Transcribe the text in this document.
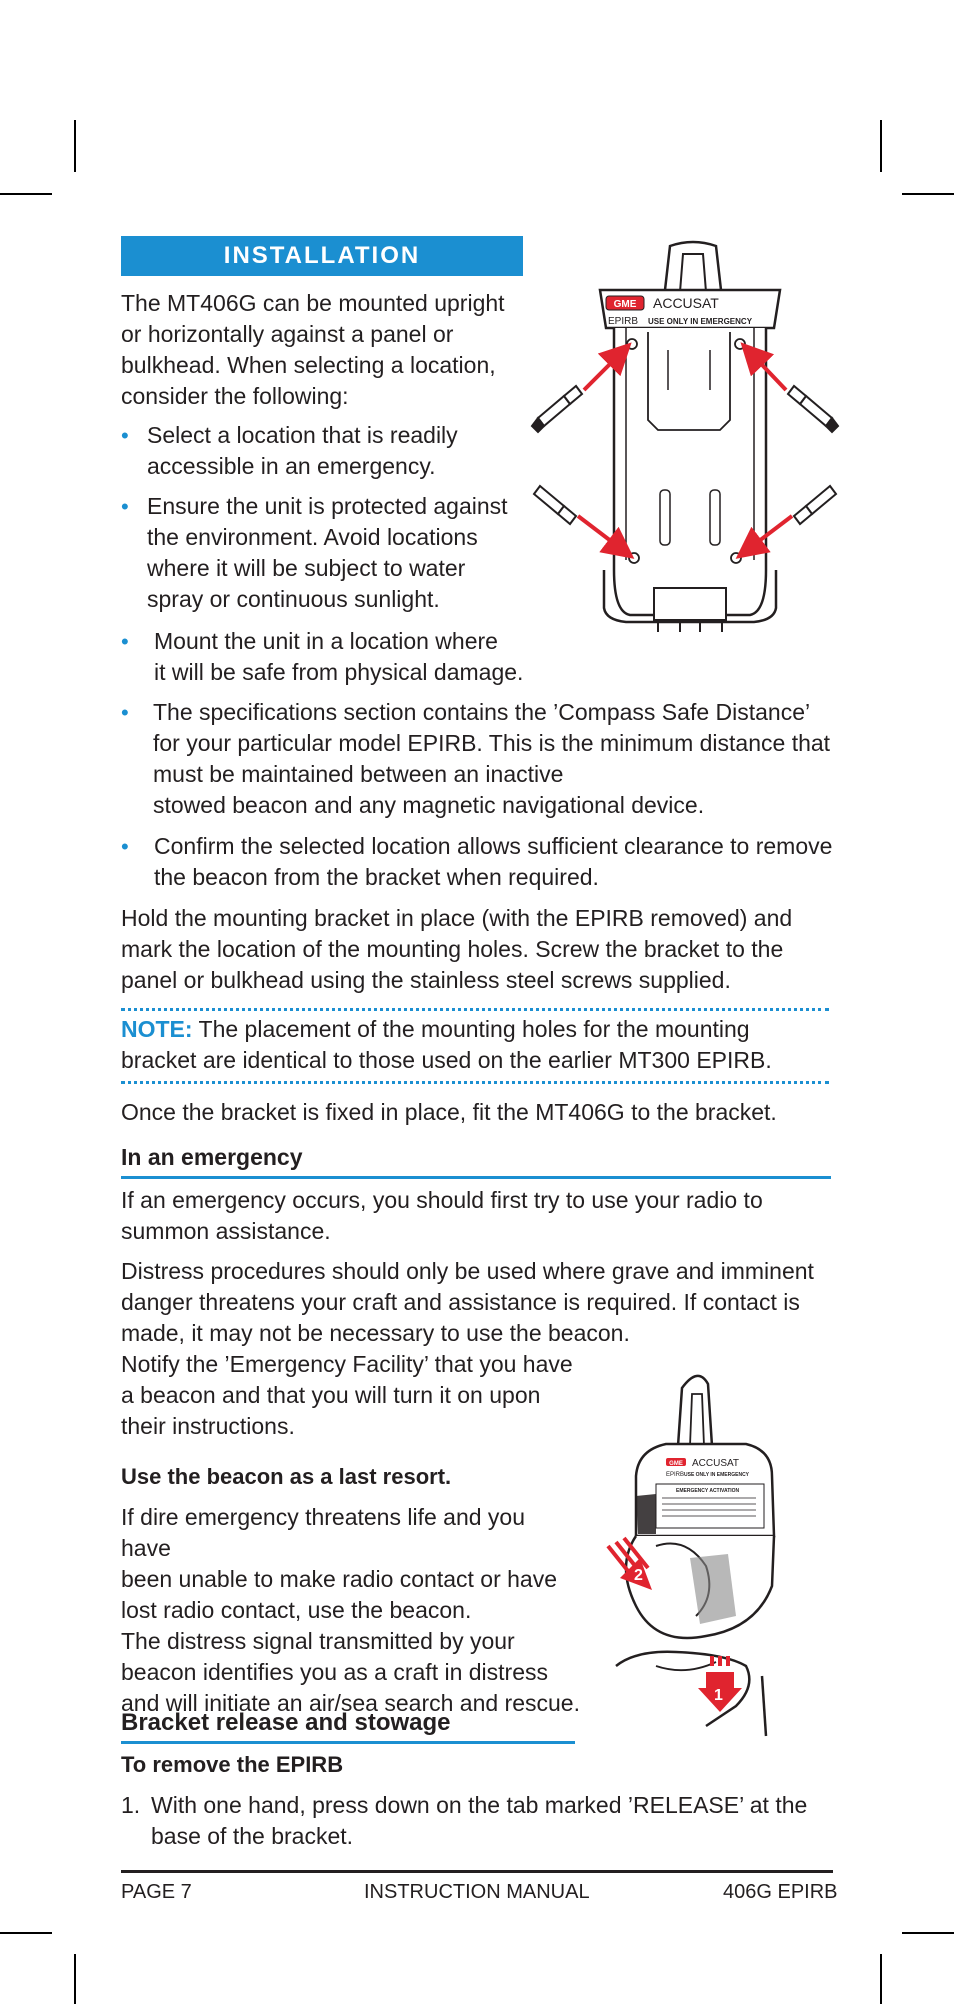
INSTALLATION
The MT406G can be mounted upright
or horizontally against a panel or
bulkhead. When selecting a location,
consider the following:
• Select a location that is readily
accessible in an emergency.
• Ensure the unit is protected against
the environment. Avoid locations
where it will be subject to water
spray or continuous sunlight.
• Mount the unit in a location where
it will be safe from physical damage.
• The specifications section contains the ’Compass Safe Distance’
for your particular model EPIRB. This is the minimum distance that
must be maintained between an inactive
stowed beacon and any magnetic navigational device.
• Confirm the selected location allows sufficient clearance to remove
the beacon from the bracket when required.
Hold the mounting bracket in place (with the EPIRB removed) and
mark the location of the mounting holes. Screw the bracket to the
panel or bulkhead using the stainless steel screws supplied.
NOTE: The placement of the mounting holes for the mounting
bracket are identical to those used on the earlier MT300 EPIRB.
Once the bracket is fixed in place, fit the MT406G to the bracket.
In an emergency
If an emergency occurs, you should first try to use your radio to
summon assistance.
Distress procedures should only be used where grave and imminent
danger threatens your craft and assistance is required. If contact is
made, it may not be necessary to use the beacon.
Notify the ’Emergency Facility’ that you have
a beacon and that you will turn it on upon
their instructions.
Use the beacon as a last resort.
If dire emergency threatens life and you have
been unable to make radio contact or have
lost radio contact, use the beacon.
The distress signal transmitted by your
beacon identifies you as a craft in distress
and will initiate an air/sea search and rescue.
Bracket release and stowage
To remove the EPIRB
1. With one hand, press down on the tab marked ’RELEASE’ at the
base of the bracket.
PAGE 7	INSTRUCTION MANUAL	406G EPIRB
GME ACCUSAT
EPIRB USE ONLY IN EMERGENCY
GME ACCUSAT
EPIRB USE ONLY IN EMERGENCY
EMERGENCY ACTIVATION
2
1
